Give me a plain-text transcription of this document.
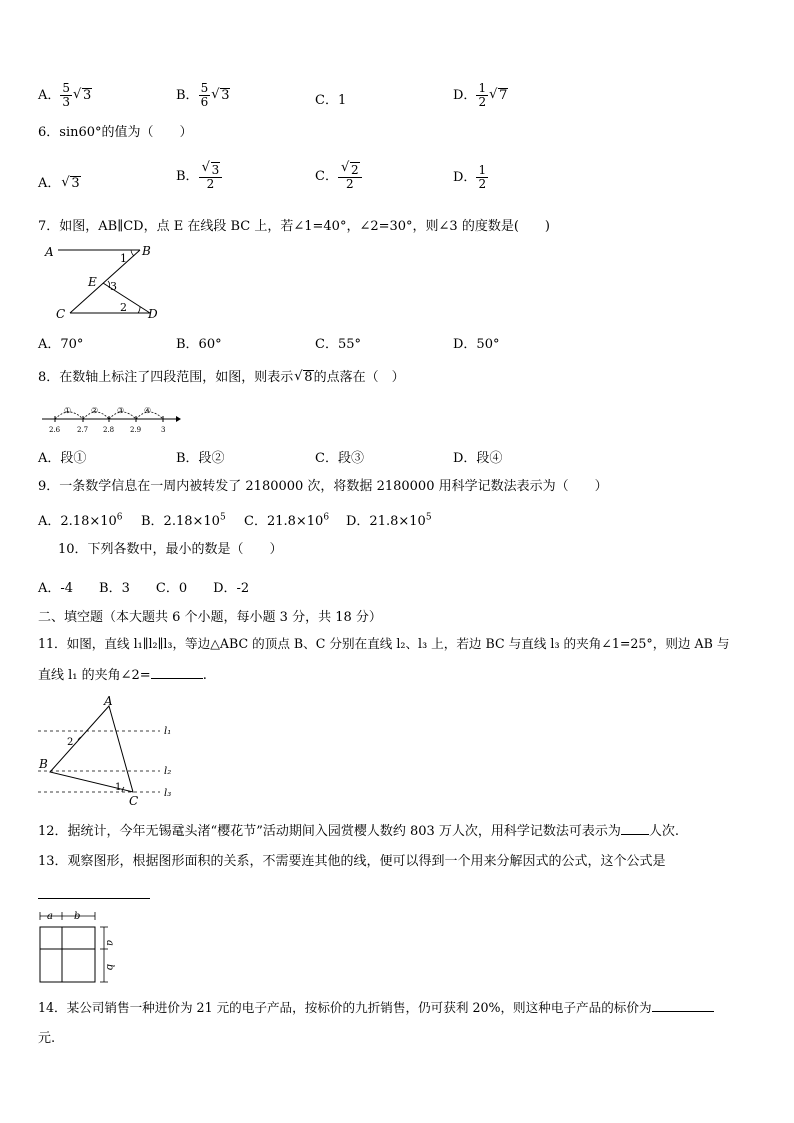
A． $\frac{5}{3}$ √ 3	B． $\frac{5}{6}$ √ 3	C．1	D． $\frac{1}{2}$ √ 7
6．sin60°的值为（　　）
A． √ 3	B． √ $\frac{3}{2}$	C． √ $\frac{2}{2}$	D． $\frac{1}{2}$
7．如图，AB∥CD，点 E 在线段 BC 上，若∠1=40°，∠2=30°，则∠3 的度数是(　　)
A	B
C	D
E
1
2
3
A．70°	B．60°	C．55°	D．50°
8．在数轴上标注了四段范围，如图，则表示 √ 8的点落在（　）
① ② ③ ④
2.6 2.7 2.8 2.9	3
A．段①	B．段②	C．段③	D．段④
9．一条数学信息在一周内被转发了 2180000 次，将数据 2180000 用科学记数法表示为（　　）
A．$2.18\times 10^6$ B．$2.18\times 10^5$ C．$21.8\times 10^6$ D．$21.8\times 10^5$
10．下列各数中，最小的数是（　　）
A．-4　　B．3　　C．0　　D．-2
二、填空题（本大题共 6 个小题，每小题 3 分，共 18 分）
11．如图，直线 l₁∥l₂∥l₃，等边△ABC 的顶点 B、C 分别在直线 l₂、l₃ 上，若边 BC 与直线 l₃ 的夹角∠1=25°，则边 AB 与
直线 l₁ 的夹角∠2=	.
A
B
C
2
1
l₁
l₂
l₃
12．据统计，今年无锡鼋头渚“樱花节”活动期间入园赏樱人数约 803 万人次，用科学记数法可表示为 人次.
13．观察图形，根据图形面积的关系，不需要连其他的线，便可以得到一个用来分解因式的公式，这个公式是
a b
a
b
14．某公司销售一种进价为 21 元的电子产品，按标价的九折销售，仍可获利 20%，则这种电子产品的标价为
元.
